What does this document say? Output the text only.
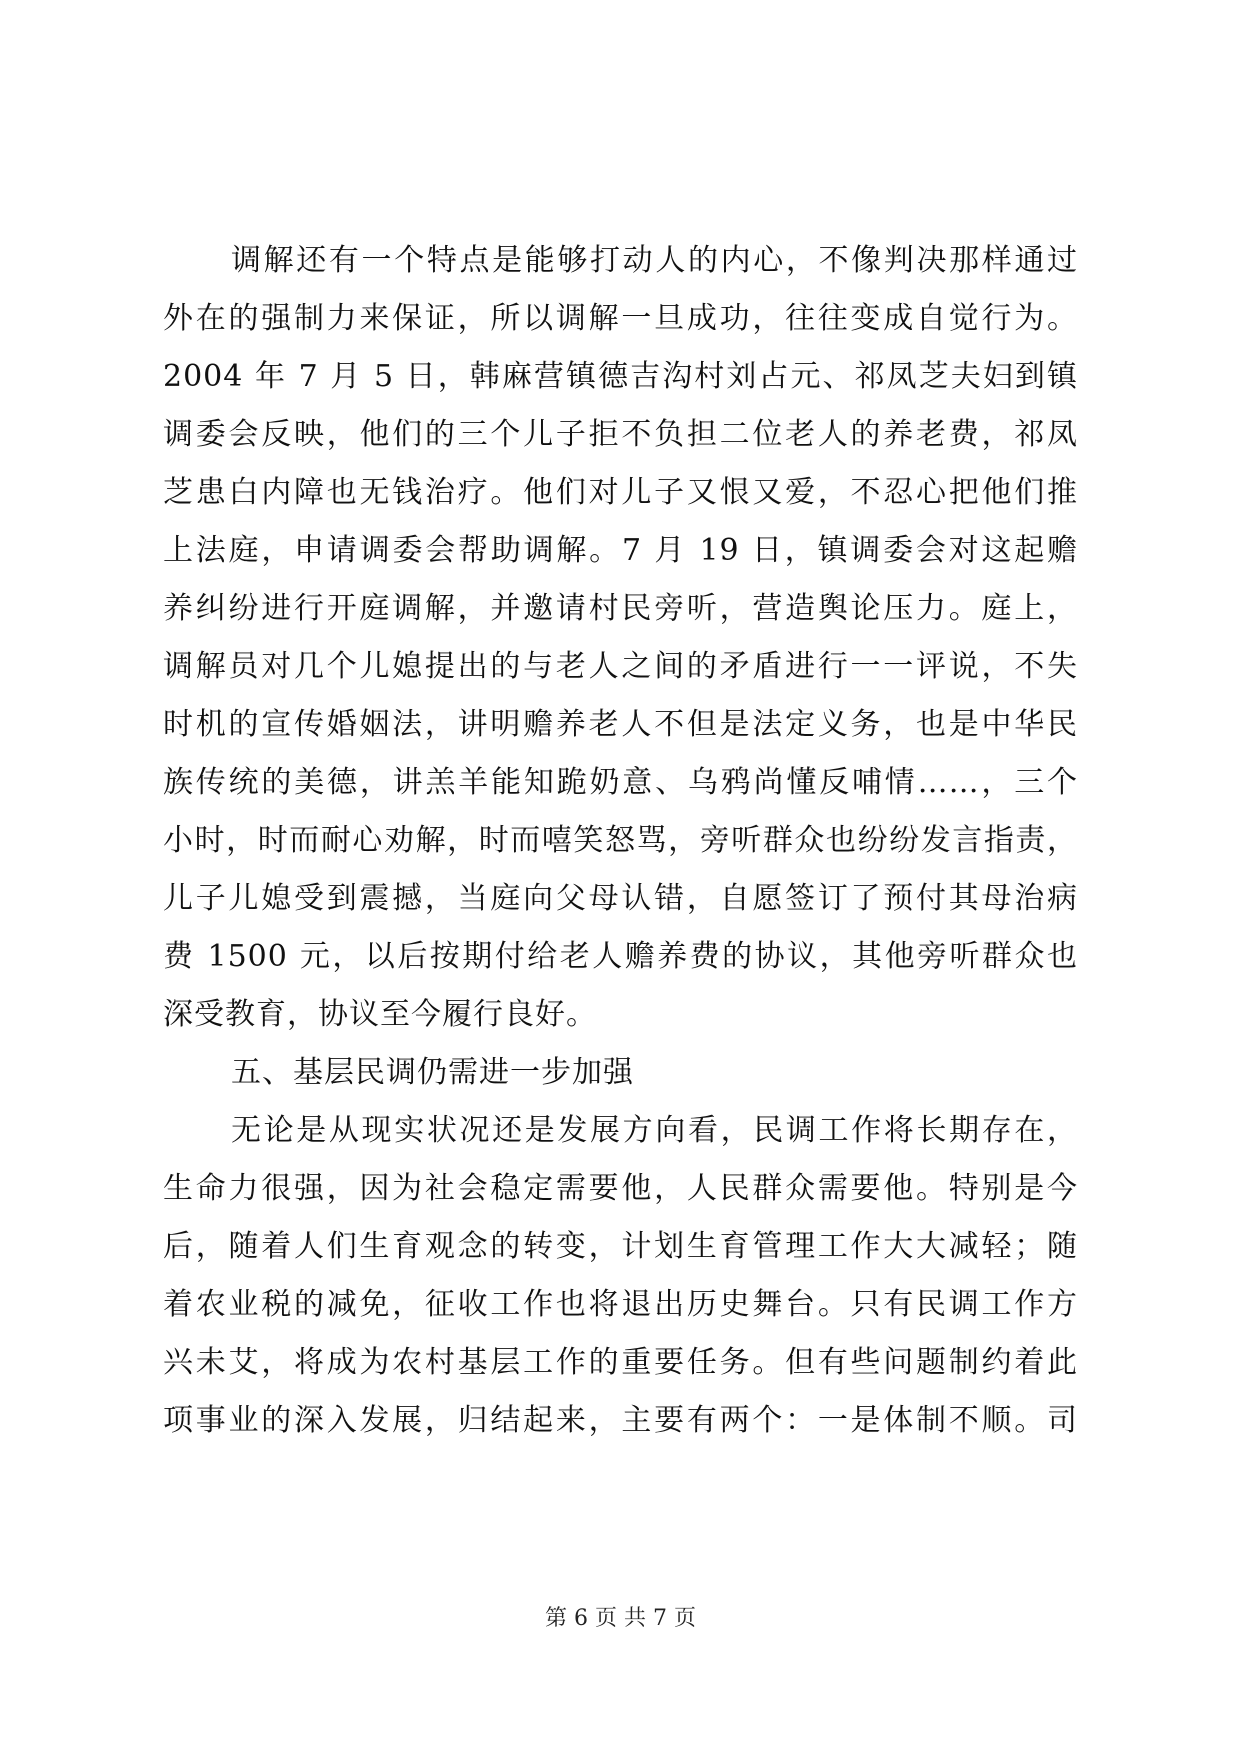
调解还有一个特点是能够打动人的内心，不像判决那样通过
外在的强制力来保证，所以调解一旦成功，往往变成自觉行为。
2004 年 7 月 5 日，韩麻营镇德吉沟村刘占元、祁凤芝夫妇到镇
调委会反映，他们的三个儿子拒不负担二位老人的养老费，祁凤
芝患白内障也无钱治疗。他们对儿子又恨又爱，不忍心把他们推
上法庭，申请调委会帮助调解。7 月 19 日，镇调委会对这起赡
养纠纷进行开庭调解，并邀请村民旁听，营造舆论压力。庭上，
调解员对几个儿媳提出的与老人之间的矛盾进行一一评说，不失
时机的宣传婚姻法，讲明赡养老人不但是法定义务，也是中华民
族传统的美德，讲羔羊能知跪奶意、乌鸦尚懂反哺情……，三个
小时，时而耐心劝解，时而嘻笑怒骂，旁听群众也纷纷发言指责，
儿子儿媳受到震撼，当庭向父母认错，自愿签订了预付其母治病
费 1500 元，以后按期付给老人赡养费的协议，其他旁听群众也
深受教育，协议至今履行良好。
五、基层民调仍需进一步加强
无论是从现实状况还是发展方向看，民调工作将长期存在，
生命力很强，因为社会稳定需要他，人民群众需要他。特别是今
后，随着人们生育观念的转变，计划生育管理工作大大减轻；随
着农业税的减免，征收工作也将退出历史舞台。只有民调工作方
兴未艾，将成为农村基层工作的重要任务。但有些问题制约着此
项事业的深入发展，归结起来，主要有两个：一是体制不顺。司
第 6 页 共 7 页
